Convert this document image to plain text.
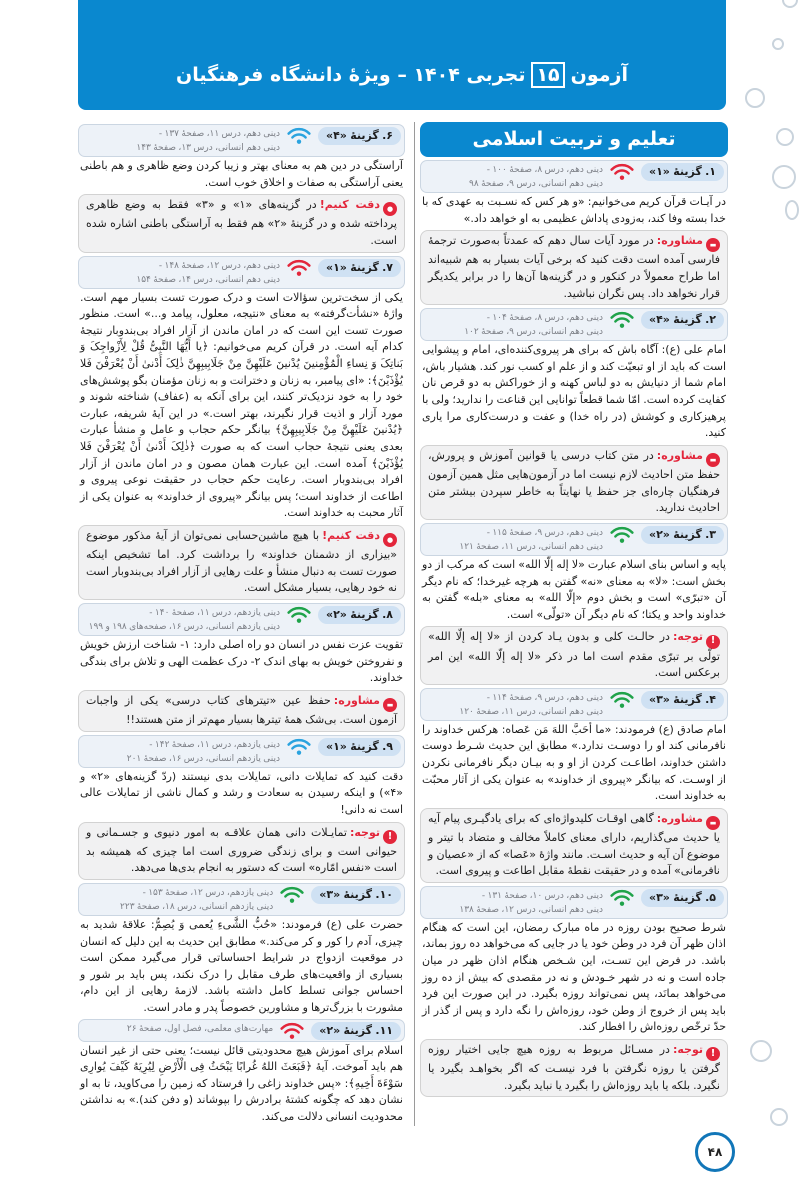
آزمون
۱۵
تجربی ۱۴۰۴ – ویژهٔ دانشگاه فرهنگیان
تعلیم و تربیت اسلامی
۱. گزینهٔ «۱»
دینی دهم، درس ۸، صفحهٔ ۱۰۰ -
دینی دهم انسانی، درس ۹، صفحهٔ ۹۸
در آیـات قرآن کریم می‌خوانیم: «و هر کس که نسـبت به عهدی که با خدا بسته وفا کند، به‌زودی پاداش عظیمی به او خواهد داد.»
▬مشاوره:در مورد آیات سال دهم که عمدتاً به‌صورت ترجمهٔ فارسی آمده است دقت کنید که برخی آیات بسیار به هم شبیه‌اند اما طراح معمولاً در کنکور و در گزینه‌ها آن‌ها را در برابر یکدیگر قرار نخواهد داد. پس نگران نباشید.
۲. گزینهٔ «۴»
دینی دهم، درس ۸، صفحهٔ ۱۰۴ -
دینی دهم انسانی، درس ۹، صفحهٔ ۱۰۲
امام علی (ع): آگاه باش که برای هر پیروی‌کننده‌ای، امام و پیشوایی است که باید از او تبعیّت کند و از علم او کسب نور کند. هشیار باش، امام شما از دنیایش به دو لباس کهنه و از خوراکش به دو قرص نان کفایت کرده است. امّا شما قطعاً توانایی این قناعت را ندارید؛ ولی با پرهیزکاری و کوشش (در راه خدا) و عفت و درست‌کاری مرا یاری کنید.
▬مشاوره:در متن کتاب درسی یا قوانین آموزش و پرورش، حفظ متن احادیث لازم نیست اما در آزمون‌هایی مثل همین آزمون فرهنگیان چاره‌ای جز حفظ یا نهایتاً به خاطر سپردن بیشتر متن احادیث ندارید.
۳. گزینهٔ «۲»
دینی دهم، درس ۹، صفحهٔ ۱۱۵ -
دینی دهم انسانی، درس ۱۱، صفحهٔ ۱۲۱
پایه و اساس بنای اسلام عبارت «لا إله إلّا الله» است که مرکب از دو بخش است: «لا» به معنای «نه» گفتن به هرچه غیرخدا؛ که نام دیگر آن «تبرّی» است و بخش دوم «إلّا الله» به معنای «بله» گفتن به خداوند واحد و یکتا؛ که نام دیگر آن «تولّی» است.
!توجه:در حالـت کلی و بدون یـاد کردن از «لا إله إلّا الله» تولّی بر تبرّی مقدم است اما در ذکر «لا إله إلّا الله» این امر برعکس است.
۴. گزینهٔ «۳»
دینی دهم، درس ۹، صفحهٔ ۱۱۴ -
دینی دهم انسانی، درس ۱۱، صفحهٔ ۱۲۰
امام صادق (ع) فرمودند: «ما أحَبَّ اللهَ مَن عَصاه: هرکس خداوند را نافرمانی کند او را دوسـت ندارد.» مطابق این حدیث شـرط دوست داشتن خداوند، اطاعـت کردن از او و به بیـان دیگر نافرمانی نکردن از اوسـت. که بیانگر «پیروی از خداوند» به عنوان یکی از آثار محبّت به خداوند است.
▬مشاوره:گاهی اوقـات کلیدواژه‌ای که برای یادگیـری پیام آیه یا حدیث می‌گذاریم، دارای معنای کاملاً مخالف و متضاد با تیتر و موضوع آن آیه و حدیث اسـت. مانند واژهٔ «عَصا» که از «عصیان و نافرمانی» آمده و در حقیقت نقطهٔ مقابل اطاعت و پیروی است.
۵. گزینهٔ «۳»
دینی دهم، درس ۱۰، صفحهٔ ۱۳۱ -
دینی دهم انسانی، درس ۱۲، صفحهٔ ۱۳۸
شرط صحیح بودن روزه در ماه مبارک رمضان، این است که هنگام اذان ظهر آن فرد در وطن خود یا در جایی که می‌خواهد ده روز بماند، باشد. در فرض این تسـت، این شـخص هنگام اذان ظهر در میان جاده است و نه در شهر خـودش و نه در مقصدی که بیش از ده روز می‌خواهد بمانَد، پس نمی‌تواند روزه بگیرد. در این صورت این فرد باید پس از خروج از وطن خود، روزه‌اش را نگه دارد و پس از گذر از حدّ ترخّص روزه‌اش را افطار کند.
!توجه:در مسـائل مربوط به روزه هیچ جایی اختیار روزه گرفتن یا روزه نگرفتن با فرد نیسـت که اگر بخواهـد بگیرد یا نگیرد. بلکه یا باید روزه‌اش را بگیرد یا نباید بگیرد.
۶. گزینهٔ «۴»
دینی دهم، درس ۱۱، صفحهٔ ۱۳۷ -
دینی دهم انسانی، درس ۱۳، صفحهٔ ۱۴۳
آراستگی در دین هم به معنای بهتر و زیبا کردن وضع ظاهری و هم باطنی یعنی آراستگی به صفات و اخلاق خوب است.
●دقت کنیم!در گزینه‌های «۱» و «۳» فقط به وضع ظاهری پرداخته شده و در گزینهٔ «۲» هم فقط به آراستگی باطنی اشاره شده است.
۷. گزینهٔ «۱»
دینی دهم، درس ۱۲، صفحهٔ ۱۴۸ -
دینی دهم انسانی، درس ۱۴، صفحهٔ ۱۵۴
یکی از سخت‌ترین سؤالات است و درک صورت تست بسیار مهم است. واژهٔ «نشأت‌گرفته» به معنای «نتیجه، معلول، پیامد و...» است. منظور صورت تست این است که در امان ماندن از آزار افراد بی‌بندوبار نتیجهٔ کدام آیه است. در قرآن کریم می‌خوانیم: ﴿یا أَیُّهَا النَّبِیُّ قُلْ لِأَزْواجِکَ وَ بَناتِکَ وَ نِساءِ الْمُؤْمِنینَ یُدْنینَ عَلَیْهِنَّ مِنْ جَلَابِیبِهِنَّ ذٰلِکَ أَدْنیٰ أَنْ یُعْرَفْنَ فَلا یُؤْذَیْنَ﴾: «ای پیامبر، به زنان و دخترانت و به زنان مؤمنان بگو پوشش‌های خود را به خود نزدیک‌تر کنند، این برای آنکه به (عفاف) شناخته شوند و مورد آزار و اذیت قرار نگیرند، بهتر است.» در این آیهٔ شریفه، عبارت ﴿یُدْنینَ عَلَیْهِنَّ مِنْ جَلَابِیبِهِنَّ﴾ بیانگر حکم حجاب و عامل و منشأ عبارت بعدی یعنی نتیجهٔ حجاب است که به صورت ﴿ذٰلِکَ أَدْنیٰ أَنْ یُعْرَفْنَ فَلا یُؤْذَیْنَ﴾ آمده است. این عبارت همان مصون و در امان ماندن از آزار افراد بی‌بندوبار است. رعایت حکم حجاب در حقیقت نوعی پیروی و اطاعت از خداوند است؛ پس بیانگر «پیروی از خداوند» به عنوان یکی از آثار محبت به خداوند است.
●دقت کنیم!با هیچ ماشین‌حسابی نمی‌توان از آیهٔ مذکور موضوع «بیزاری از دشمنان خداوند» را برداشت کرد. اما تشخیص اینکه صورت تست به دنبال منشأ و علت رهایی از آزار افراد بی‌بندوبار است نه خود رهایی، بسیار مشکل است.
۸. گزینهٔ «۲»
دینی یازدهم، درس ۱۱، صفحهٔ ۱۴۰ -
دینی یازدهم انسانی، درس ۱۶، صفحه‌های ۱۹۸ و ۱۹۹
تقویت عزت نفس در انسان دو راه اصلی دارد: ۱- شناخت ارزش خویش و نفروختن خویش به بهای اندک ۲- درک عظمت الهی و تلاش برای بندگی خداوند.
▬مشاوره:حفظ عین «تیترهای کتاب درسی» یکی از واجبات آزمون است. بی‌شک همهٔ تیترها بسیار مهم‌تر از متن هستند!!
۹. گزینهٔ «۱»
دینی یازدهم، درس ۱۱، صفحهٔ ۱۴۲ -
دینی یازدهم انسانی، درس ۱۶، صفحهٔ ۲۰۱
دقت کنید که تمایلات دانی، تمایلات بدی نیستند (ردّ گزینه‌های «۲» و «۴») و اینکه رسیدن به سعادت و رشد و کمال ناشی از تمایلات عالی است نه دانی!
!توجه:تمایـلات دانی همان علاقـه به امور دنیوی و جسـمانی و حیوانی است و برای زندگی ضروری است اما چیزی که همیشه بد است «نفس امّاره» است که دستور به انجام بدی‌ها می‌دهد.
۱۰. گزینهٔ «۳»
دینی یازدهم، درس ۱۲، صفحهٔ ۱۵۳ -
دینی یازدهم انسانی، درس ۱۸، صفحهٔ ۲۲۳
حضرت علی (ع) فرمودند: «حُبُّ الشَّیءِ یُعمی وَ یُصِمُّ: علاقهٔ شدید به چیزی، آدم را کور و کر می‌کند.» مطابق این حدیث به این دلیل که انسان در موقعیت ازدواج در شرایط احساساتی قرار می‌گیرد ممکن است بسیاری از واقعیت‌های طرف مقابل را درک نکند، پس باید بر شور و احساس جوانی تسلط کامل داشته باشد. لازمهٔ رهایی از این دام، مشورت با بزرگ‌ترها و مشاورین خصوصاً پدر و مادر است.
۱۱. گزینهٔ «۲»
مهارت‌های معلمی، فصل اول، صفحهٔ ۲۶
اسلام برای آموزش هیچ محدودیتی قائل نیست؛ یعنی حتی از غیر انسان هم باید آموخت. آیهٔ ﴿فَبَعَثَ اللهُ غُرابًا یَبْحَثُ فِی الْأَرْضِ لِیُرِیَهُ کَیْفَ یُوارِی سَوْءَةَ أَخِیهِ﴾: «پس خداوند زاغی را فرستاد که زمین را می‌کاوید، تا به او نشان دهد که چگونه کشتهٔ برادرش را بپوشاند (و دفن کند).» به نداشتن محدودیت انسانی دلالت می‌کند.
۴۸
